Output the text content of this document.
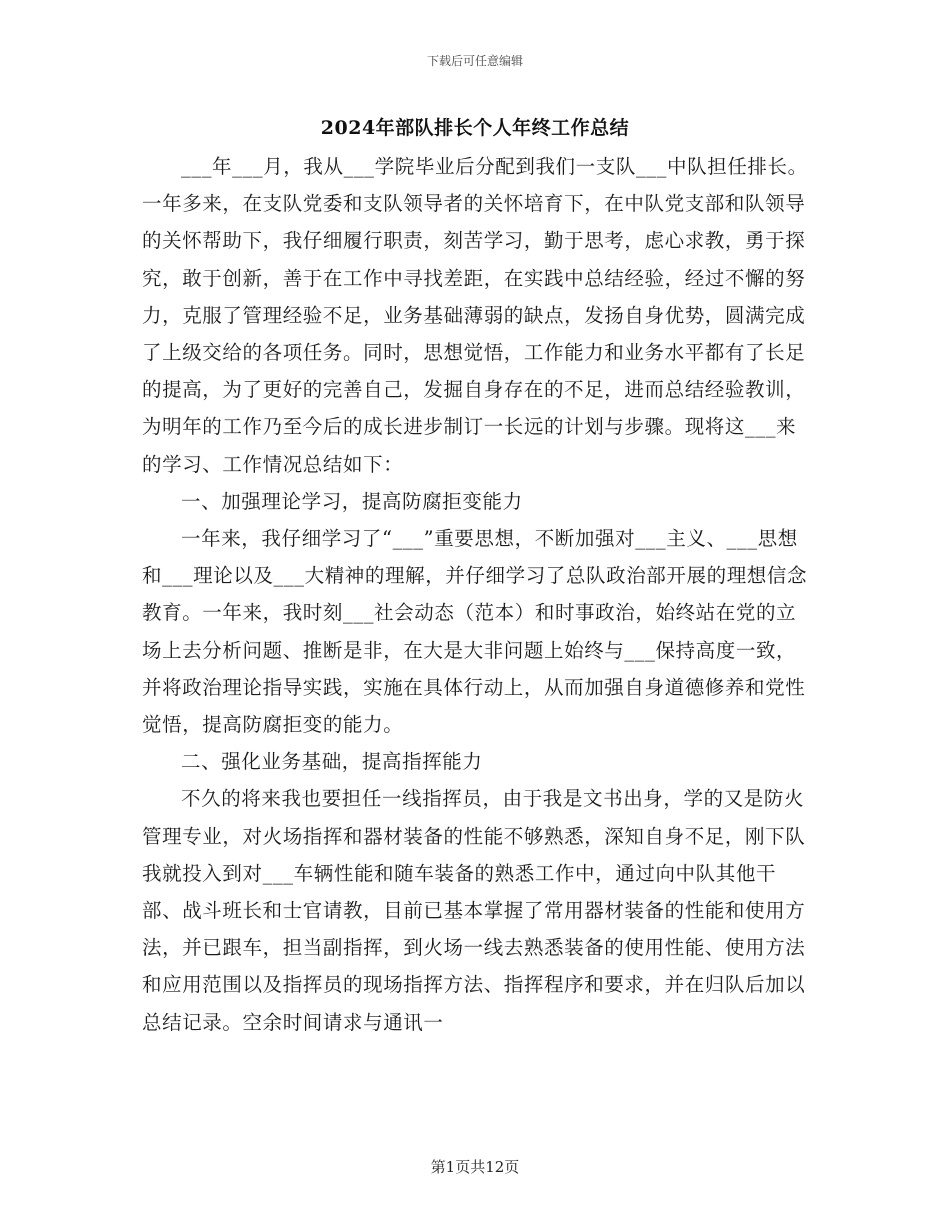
下载后可任意编辑
2024年部队排长个人年终工作总结

___年___月，我从___学院毕业后分配到我们一支队___中队担任排长。一年多来，在支队党委和支队领导者的关怀培育下，在中队党支部和队领导的关怀帮助下，我仔细履行职责，刻苦学习，勤于思考，虑心求教，勇于探究，敢于创新，善于在工作中寻找差距，在实践中总结经验，经过不懈的努力，克服了管理经验不足，业务基础薄弱的缺点，发扬自身优势，圆满完成了上级交给的各项任务。同时，思想觉悟，工作能力和业务水平都有了长足的提高，为了更好的完善自己，发掘自身存在的不足，进而总结经验教训，为明年的工作乃至今后的成长进步制订一长远的计划与步骤。现将这___来的学习、工作情况总结如下：

一、加强理论学习，提高防腐拒变能力

一年来，我仔细学习了“___”重要思想，不断加强对___主义、___思想和___理论以及___大精神的理解，并仔细学习了总队政治部开展的理想信念教育。一年来，我时刻___社会动态（范本）和时事政治，始终站在党的立场上去分析问题、推断是非，在大是大非问题上始终与___保持高度一致，并将政治理论指导实践，实施在具体行动上，从而加强自身道德修养和党性觉悟，提高防腐拒变的能力。

二、强化业务基础，提高指挥能力

不久的将来我也要担任一线指挥员，由于我是文书出身，学的又是防火管理专业，对火场指挥和器材装备的性能不够熟悉，深知自身不足，刚下队我就投入到对___车辆性能和随车装备的熟悉工作中，通过向中队其他干部、战斗班长和士官请教，目前已基本掌握了常用器材装备的性能和使用方法，并已跟车，担当副指挥，到火场一线去熟悉装备的使用性能、使用方法和应用范围以及指挥员的现场指挥方法、指挥程序和要求，并在归队后加以总结记录。空余时间请求与通讯一

第1页共12页
